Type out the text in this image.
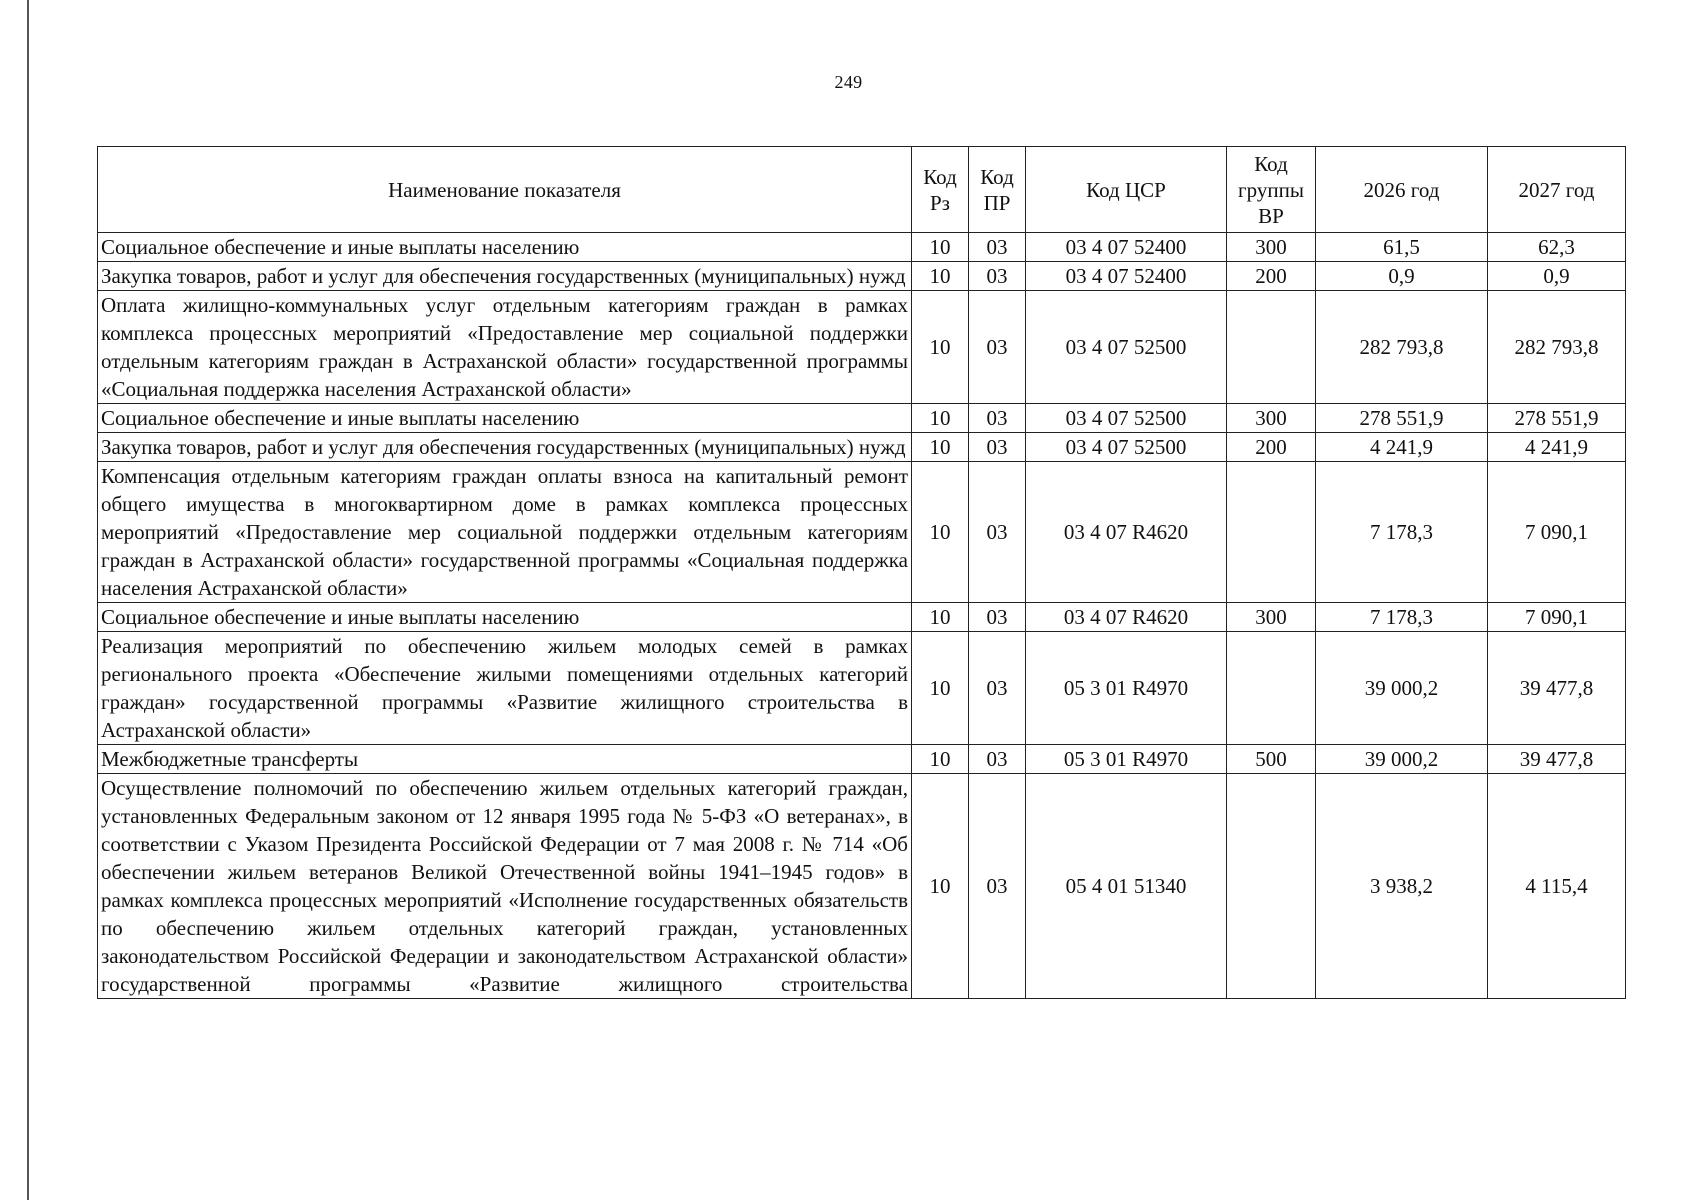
249
Наименование показателя	Код Рз	Код ПР	Код ЦСР	Код группы ВР	2026 год	2027 год
Социальное обеспечение и иные выплаты населению	10	03	03 4 07 52400	300	61,5	62,3
Закупка товаров, работ и услуг для обеспечения государственных (муниципальных) нужд	10	03	03 4 07 52400	200	0,9	0,9
Оплата жилищно-коммунальных услуг отдельным категориям граждан в рамках комплекса процессных мероприятий «Предоставление мер социальной поддержки отдельным категориям граждан в Астраханской области» государственной программы «Социальная поддержка населения Астраханской области»	10	03	03 4 07 52500		282 793,8	282 793,8
Социальное обеспечение и иные выплаты населению	10	03	03 4 07 52500	300	278 551,9	278 551,9
Закупка товаров, работ и услуг для обеспечения государственных (муниципальных) нужд	10	03	03 4 07 52500	200	4 241,9	4 241,9
Компенсация отдельным категориям граждан оплаты взноса на капитальный ремонт общего имущества в многоквартирном доме в рамках комплекса процессных мероприятий «Предоставление мер социальной поддержки отдельным категориям граждан в Астраханской области» государственной программы «Социальная поддержка населения Астраханской области»	10	03	03 4 07 R4620		7 178,3	7 090,1
Социальное обеспечение и иные выплаты населению	10	03	03 4 07 R4620	300	7 178,3	7 090,1
Реализация мероприятий по обеспечению жильем молодых семей в рамках регионального проекта «Обеспечение жилыми помещениями отдельных категорий граждан» государственной программы «Развитие жилищного строительства в Астраханской области»	10	03	05 3 01 R4970		39 000,2	39 477,8
Межбюджетные трансферты	10	03	05 3 01 R4970	500	39 000,2	39 477,8
Осуществление полномочий по обеспечению жильем отдельных категорий граждан, установленных Федеральным законом от 12 января 1995 года № 5-ФЗ «О ветеранах», в соответствии с Указом Президента Российской Федерации от 7 мая 2008 г. № 714 «Об обеспечении жильем ветеранов Великой Отечественной войны 1941–1945 годов» в рамках комплекса процессных мероприятий «Исполнение государственных обязательств по обеспечению жильем отдельных категорий граждан, установленных законодательством Российской Федерации и законодательством Астраханской области» государственной программы «Развитие жилищного строительства	10	03	05 4 01 51340		3 938,2	4 115,4
